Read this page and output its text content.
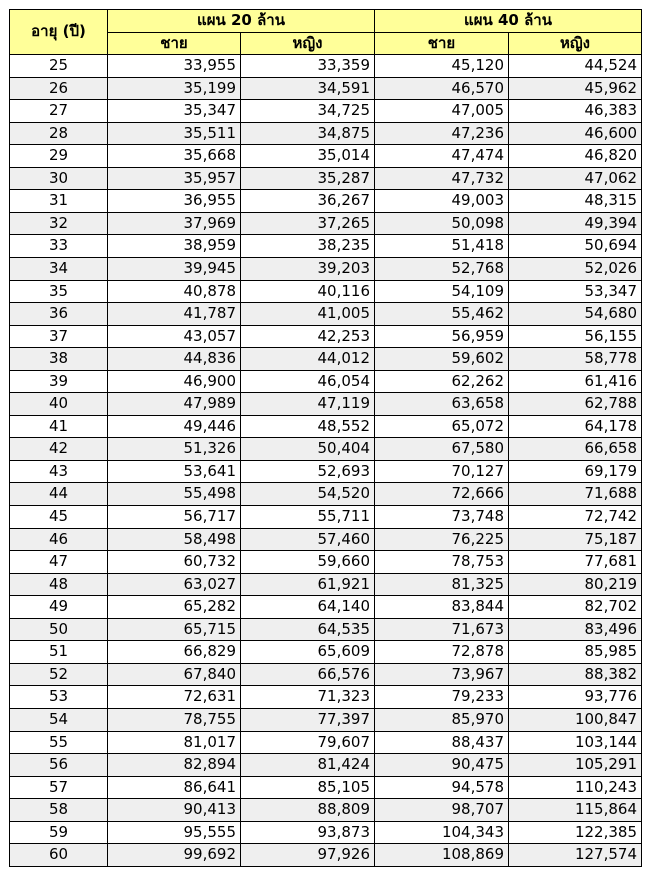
อายุ (ปี)	แผน 20 ล้าน		แผน 40 ล้าน	
	ชาย	หญิง	ชาย	หญิง
25	33,955	33,359	45,120	44,524
26	35,199	34,591	46,570	45,962
27	35,347	34,725	47,005	46,383
28	35,511	34,875	47,236	46,600
29	35,668	35,014	47,474	46,820
30	35,957	35,287	47,732	47,062
31	36,955	36,267	49,003	48,315
32	37,969	37,265	50,098	49,394
33	38,959	38,235	51,418	50,694
34	39,945	39,203	52,768	52,026
35	40,878	40,116	54,109	53,347
36	41,787	41,005	55,462	54,680
37	43,057	42,253	56,959	56,155
38	44,836	44,012	59,602	58,778
39	46,900	46,054	62,262	61,416
40	47,989	47,119	63,658	62,788
41	49,446	48,552	65,072	64,178
42	51,326	50,404	67,580	66,658
43	53,641	52,693	70,127	69,179
44	55,498	54,520	72,666	71,688
45	56,717	55,711	73,748	72,742
46	58,498	57,460	76,225	75,187
47	60,732	59,660	78,753	77,681
48	63,027	61,921	81,325	80,219
49	65,282	64,140	83,844	82,702
50	65,715	64,535	71,673	83,496
51	66,829	65,609	72,878	85,985
52	67,840	66,576	73,967	88,382
53	72,631	71,323	79,233	93,776
54	78,755	77,397	85,970	100,847
55	81,017	79,607	88,437	103,144
56	82,894	81,424	90,475	105,291
57	86,641	85,105	94,578	110,243
58	90,413	88,809	98,707	115,864
59	95,555	93,873	104,343	122,385
60	99,692	97,926	108,869	127,574
